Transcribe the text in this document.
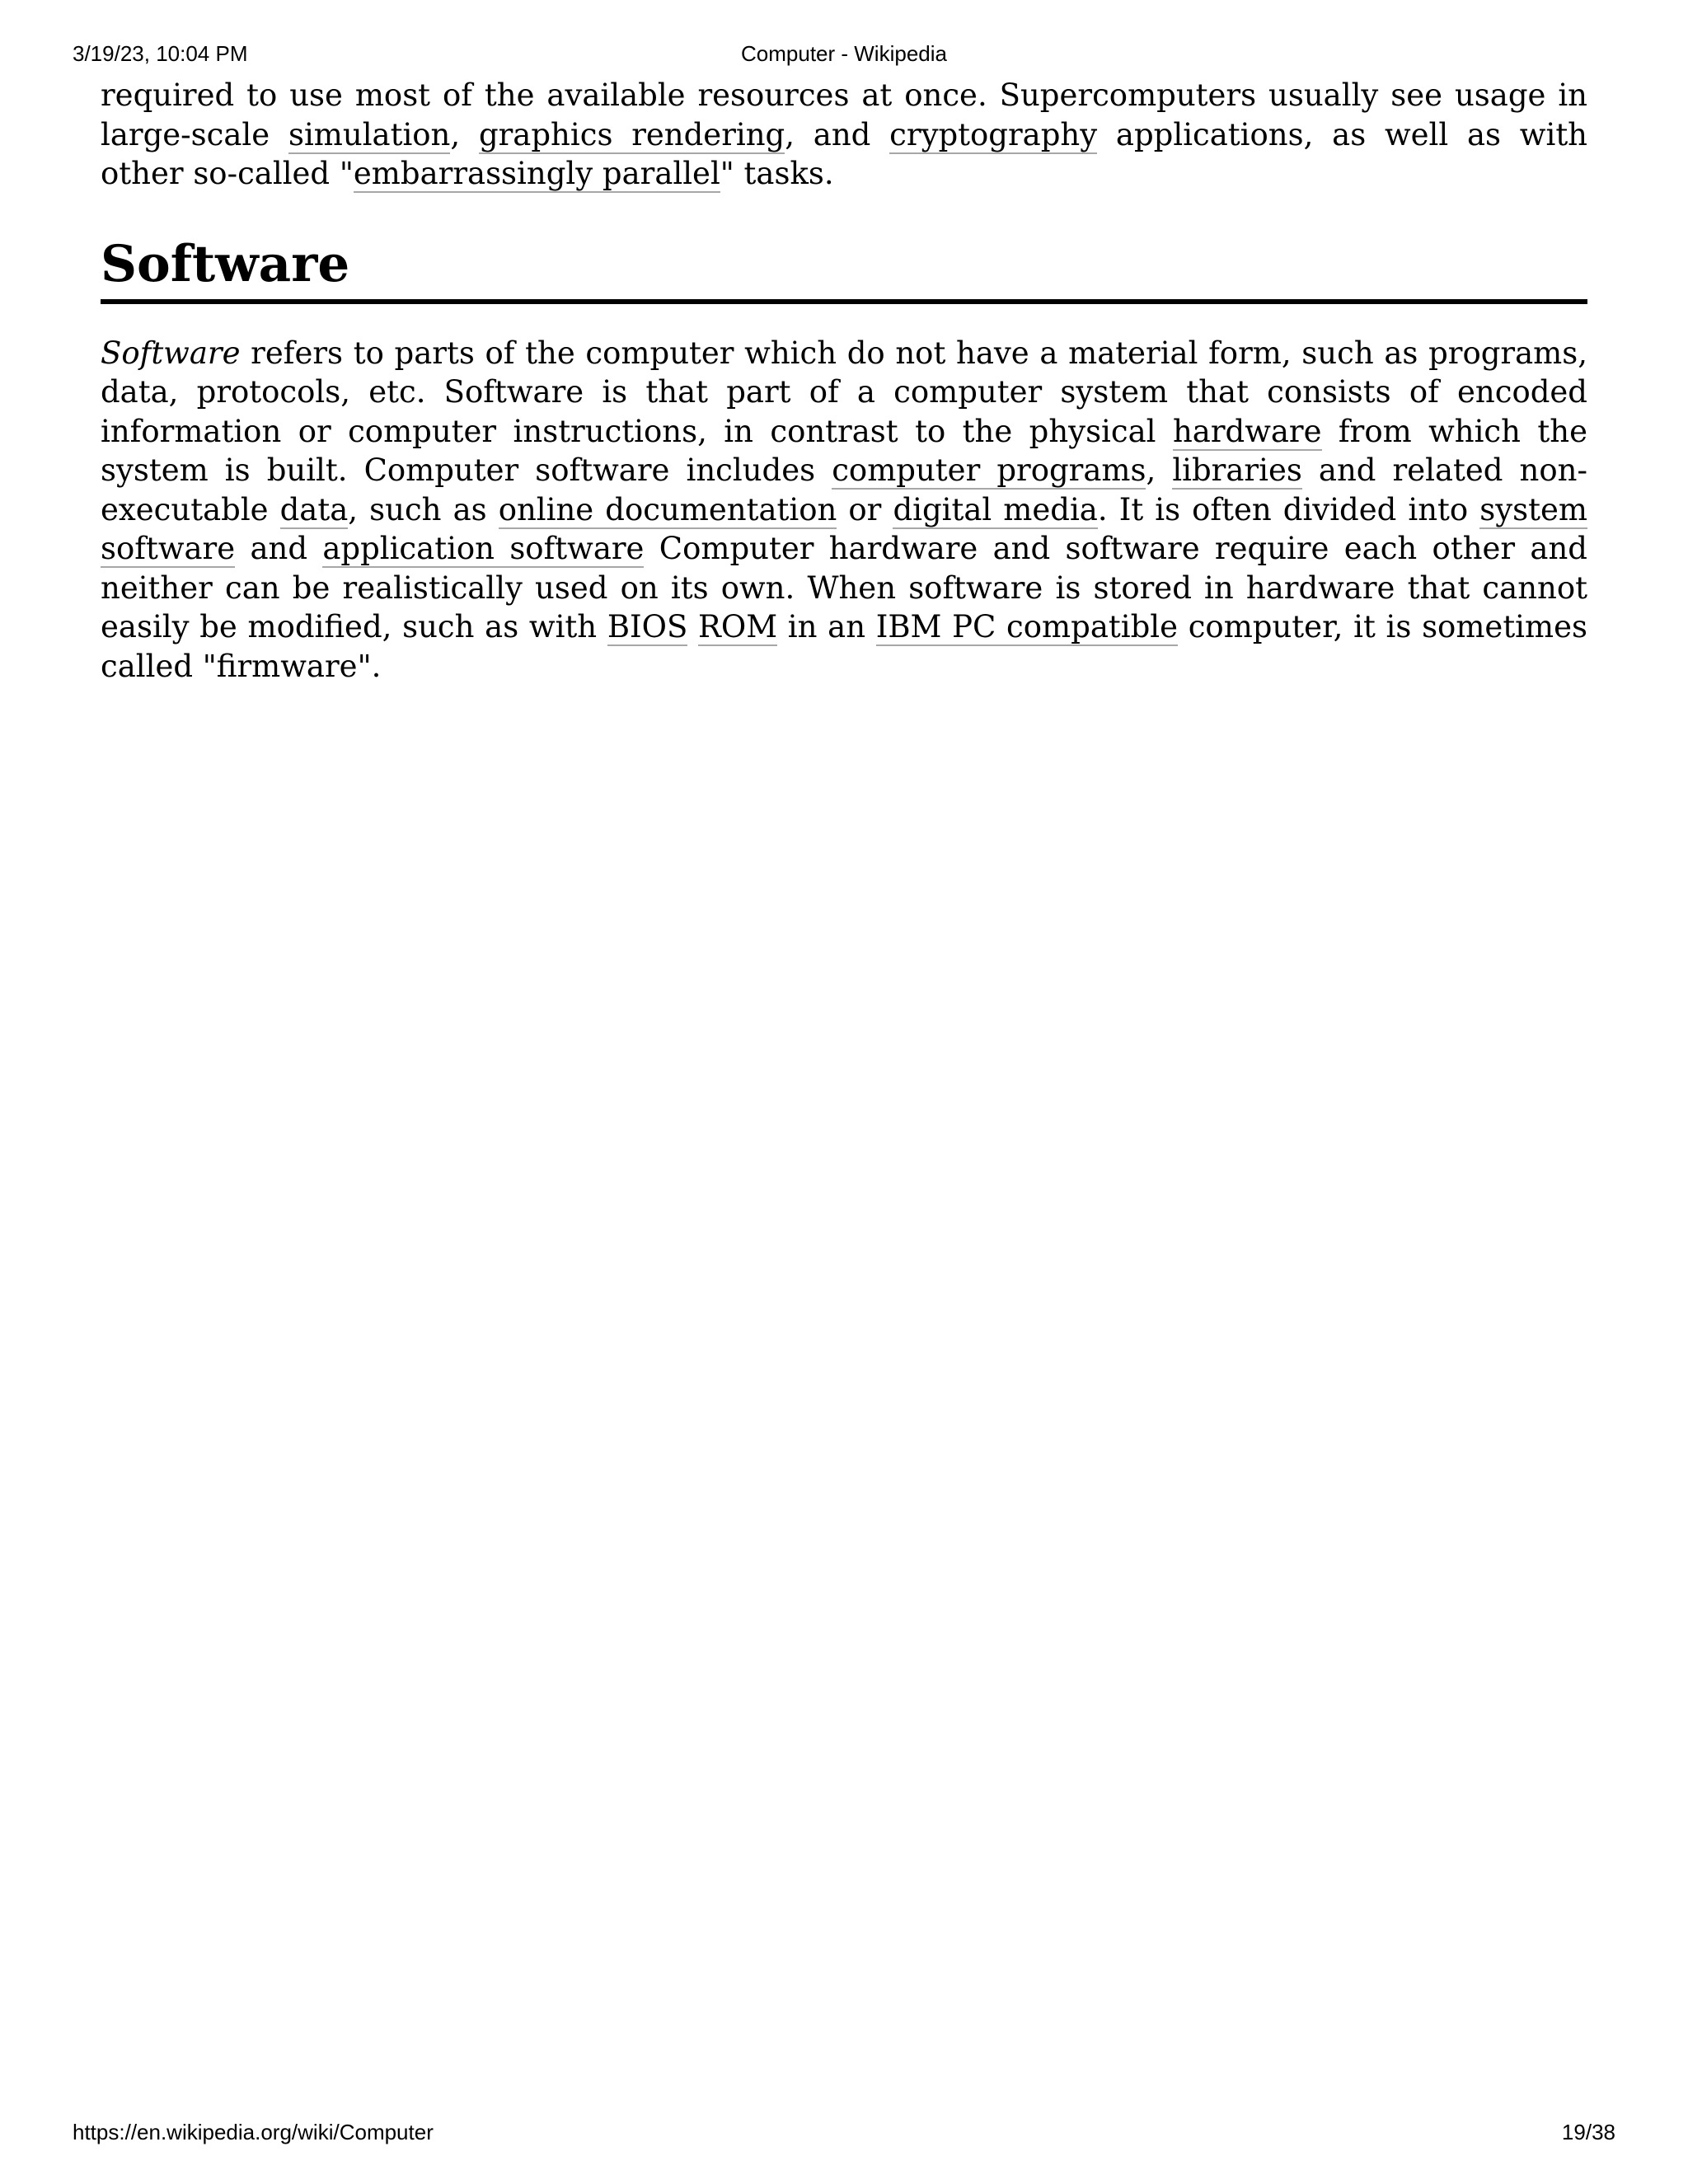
3/19/23, 10:04 PM	Computer - Wikipedia

required to use most of the available resources at once. Supercomputers usually see usage in large-scale simulation, graphics rendering, and cryptography applications, as well as with other so-called "embarrassingly parallel" tasks.

Software

Software refers to parts of the computer which do not have a material form, such as programs, data, protocols, etc. Software is that part of a computer system that consists of encoded information or computer instructions, in contrast to the physical hardware from which the system is built. Computer software includes computer programs, libraries and related non-executable data, such as online documentation or digital media. It is often divided into system software and application software Computer hardware and software require each other and neither can be realistically used on its own. When software is stored in hardware that cannot easily be modified, such as with BIOS ROM in an IBM PC compatible computer, it is sometimes called "firmware".

https://en.wikipedia.org/wiki/Computer	19/38
